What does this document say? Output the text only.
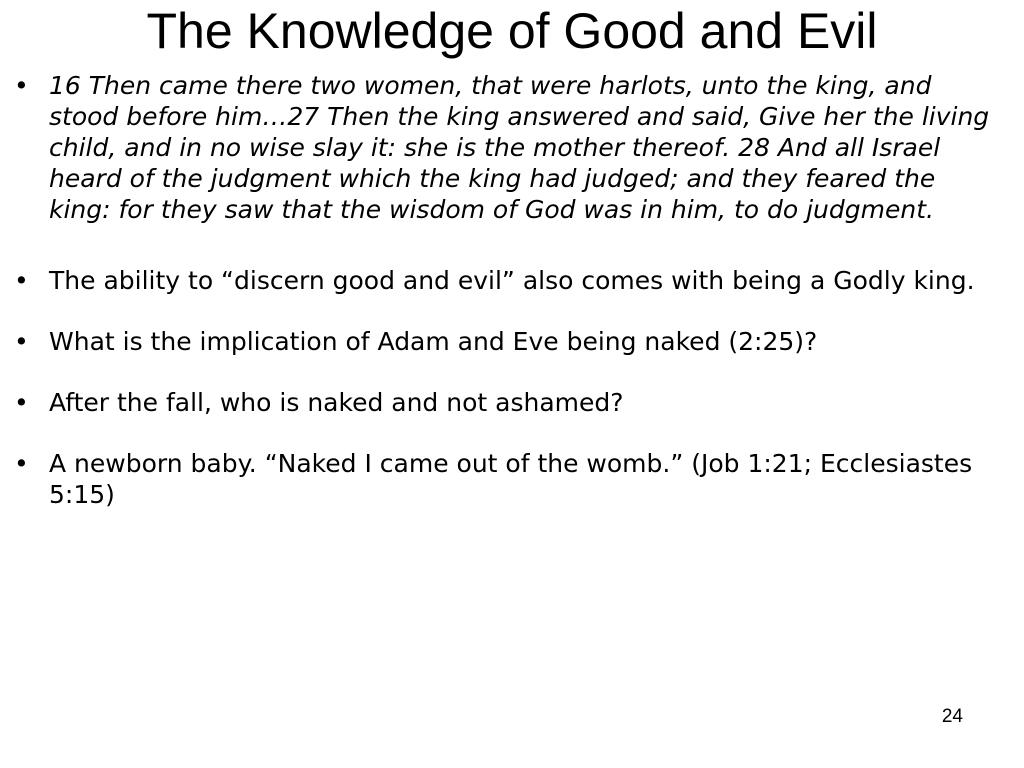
The Knowledge of Good and Evil
• 16 Then came there two women, that were harlots, unto the king, and stood before him…27 Then the king answered and said, Give her the living child, and in no wise slay it: she is the mother thereof. 28 And all Israel heard of the judgment which the king had judged; and they feared the king: for they saw that the wisdom of God was in him, to do judgment.
• The ability to “discern good and evil” also comes with being a Godly king.
• What is the implication of Adam and Eve being naked (2:25)?
• After the fall, who is naked and not ashamed?
• A newborn baby. “Naked I came out of the womb.” (Job 1:21; Ecclesiastes 5:15)
24
